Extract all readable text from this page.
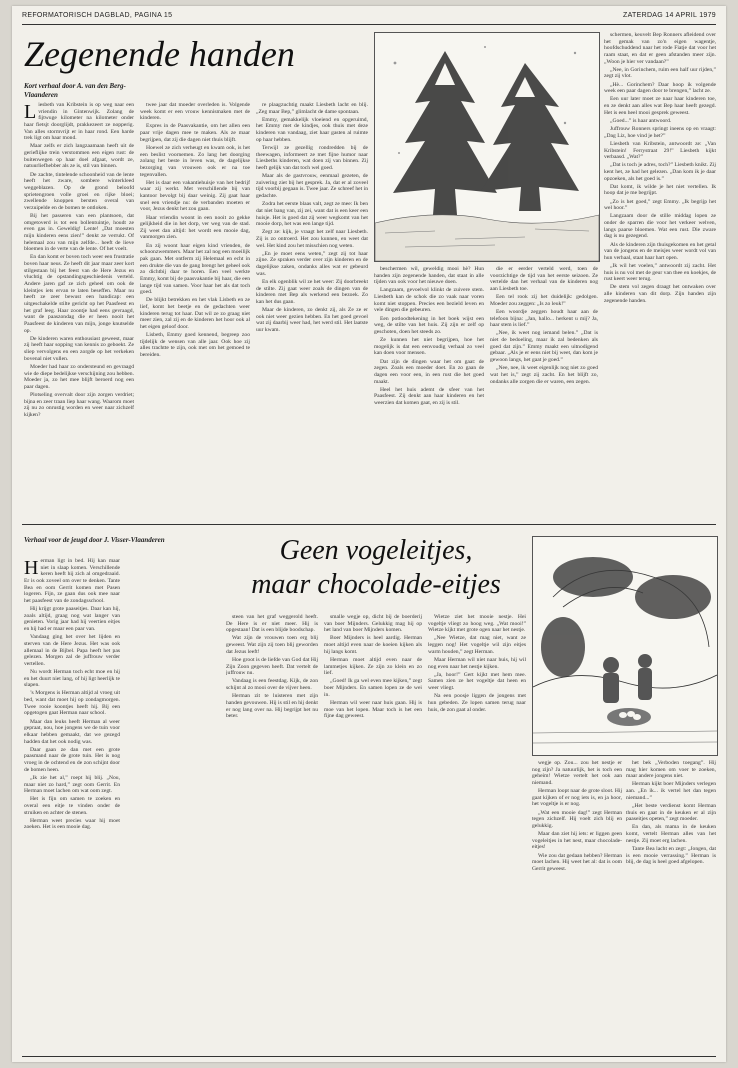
REFORMATORISCH DAGBLAD, PAGINA 15	ZATERDAG 14 APRIL 1979
Zegenende handen
Kort verhaal door A. van den Berg-Vlaanderen
L iesbeth van Kribstein is op weg naar een vriendin in Gintenwijk. Zolang de fijtwuge kilometer na kilometer onder haar fietsjt doorglijdt, prakkezeert ze nopperig. Van alles stormvrijt er in haar rond. Een harde trek ligt om haar mond.

Maar zelfs er zich langzaamaan heeft uit de gerieflijke trein verstommen een eigen rust: de buitenwegen op haar doel afgaat, wordt ze, natuurliefhebber als ze is, stil van binnen.

De zachte, tintelende schoonheid van de lente heeft het zware, sombere winterkleed weggeblazen. Op de grond beloofd sprietengroen volle groei en rijke bloei; zwellende knoppen bersten overal van verzuipelde en de bomen te ontloken.

Bij het passeren van een plantsoen, dat omgetoverd is tot een bollentuintje, houdt ze even gas in. Geweldig! Lente! „Dat moesten mijn kinderen eens zien!” denkt ze verrukt. Of helemaal zou van mijn zelfde... heeft de lieve bloemen in de verte van de lente. Of het voelt.

En dan komt er boven toch weer een frustratie boven haar neus. Ze heeft dit jaar maar zeer kort stilgestaan bij het feest van de Here Jezus en vluchtig de opstandingsgeschiedenis verteld. Andere jaren gaf ze zich geheel om ook de kleintjes iets ervan te laten beseffen. Maar nu heeft ze zeer bewust een handicap: een uitgeschakelde stilte gericht op het Paasfeest en het graf leeg. Haar zoontje had eens gevraagd, want de paaszondag die er heen nooit het Paasfeest de kinderen van mijn, jonge knutselde op.

De kinderen waren enthousiast geweest, maar zij heeft haar sopping van kennis zo geboekt. Ze sliep vervolgens en een zorgde op het verkeken bovenal niet vullen.

Moeder had haar zo ondersteund en gevraagd wie de diepe bedelijkse verschijning zou hebben. Moeder ja, zo het mee blijft beroerd nog een paar dagen.

Plotseling overvalt door zijn zorgen verdriet; bijna en zeer traan liep haar wang. Waarom moet zij nu zo onrustig worden en weer naar zichzelf kijken?

twee jaar dat moeder overleden is. Volgende week komt er een vrouw kennismaken met de kinderen.

Expres in de Paasvakantie, om het allen een paar vrije dagen mee te maken. Als ze maar begrijpen, dat zij die dagen niet thuis blijft.

Hoewel ze zich verheugt en kwam ook, is het een beslist voornemen. Zo lang het doorging zolang het beste in leven was, de dagelijkse bezorging van vrouwen ook er na toe tegenvallen.

Het is daar een vakantiehuisje van het bedrijf waar zij werkt. Met verschillende bij van kantoor bevolgt bij daar weinig. Zij gaat haar snel een vriendje nu: de verbanden moeten er voor, Jezus denkt het zou gaan.

Haar vriendin woont in een nooit zo gekke gelijkheid die in het dorp, ver weg van de stad. Zij weet dan altijd: het wordt een mooie dag, vanmorgen zien.

En zij woont haar eigen kind vrienden, de schoonzwemmers. Maar het zal nog een moeilijk pak gaan. Met ontferm zij Helemaal en echt in een drukte die van de gang brengt het geheel ook zo dichtbij daar te horen. Een veel werkte Emmy, komt bij de paasvakantie bij haar, die een lange tijd van samen. Voor haar het als dat toch goed.

De blijkt betrekken en het vlak Lisbeth en ze lief, komt het beetje en de gedachten weer kinderen terug tot haar. Dat wil ze zo graag niet meer zien, zal zij en de kinderen het hoor ook al het eigen geloof door.

Lisbeth, Emmy goed kennend, begreep zoo tijdelijk de wensen van alle jaar. Ook hoe zij alles trachtte te zijn, ook met om het gemoed te bereiden.

re plaagzuchtig maakt Liesbeth lacht en blij. „Zeg maar Bep,” glimlacht de dame spontaan.

Emmy, gemakkelijk vloeiend en opgeruimd, het Emmy met de kindjes, ook thuis met deze kinderen van vandaag, ziet haar gasten al ruimte op haar hebben.

Terwijl ze gezellig rondredden bij de theewagen, informeert ze met fijne humor naar Liesbeths kinderen, wat doen zij van binnen. Zij heeft gelijk van dat toch wel goed.

Maar als de gastvrouw, eenmaal gezeten, de zuivering ziet bij het gesprek. Ja, dat er al zoveel tijd voorbij gegaan is. Twee jaar. Ze schreef het in gedachte.

Zodra het eerste blaas valt, zegt ze mee: Ik ben dat niet bang van, zij zei, want dat is een keer een huisje. Het is goed dat zij weer wegkomt van het mooie dorp, het was een lange tijd.

Zegt ze: kijk, je vraagt het zelf naar Liesbeth. Zij is zo ontroerd. Het zou kunnen, en weet dat wel. Het kind zou het misschien nog weten.

„En je moet eens weten,” zegt zij tot haar zijne. Ze spraken verder over zijn kinderen en de dagelijkse zaken, ondanks alles wat er gebeurd was.

En elk ogenblik wil ze het weer: Zij doorbreekt de stilte. Zij gaat weer zoals de dingen van de kinderen met Bep als werkend een bezoek. Zo kan het dus gaan.

Maar de kinderen, zo denkt zij, als Ze ze er ook niet weer gezien hebben. En het goed gevoel wat zij daarbij weer had, het werd stil. Het laatste uur kwam.

beschermen wil, geweldig mooi hè? Hun handen zijn zegenende handen, dat staat in alle tijden van ook voor het nieuwe doen.

Langzaam, gevoelvol klinkt de zuivere stem. Liesbeth kan de schok die zo vaak naar voren komt niet stoppen. Precies een bezield leven en vele dingen die gebeuren.

Een potloodtekening in het boek wijst een weg, de stilte van het huis. Zij zijn er zelf op geschoten, doen het steeds zo.

Ze kunnen het niet begrijpen, hoe het mogelijk is dat een eenvoudig verhaal zo veel kan doen voor mensen.

Dat zijn de dingen waar het om gaat: de zegen. Zoals een moeder doet. En zo gaan de dagen een voor een, in een rust die het goed maakt.

Heel het huis ademt de sfeer van het Paasfeest. Zij denkt aan haar kinderen en het weerzien dat komen gaat, en zij is stil.

die er eerder verteld werd, toen de voorzichtige de tijd van het eerste seizoen. Ze vertelde dan het verhaal van de kinderen nog aan Liesbeth toe.

Een tel rook zij het duidelijk: gedolgen. Moeder zou zeggen: „Is zo leuk!”

Een woordje zeggen houdt haar aan de telefoon bijna: „Jan, hallo... herkent u mij? Ja, haar stem is lief.”

„Nee, ik weet nog iemand belen.” „Dat is niet de bedoeling, maar ik zal bedenken als goed dat zijn.” Emmy maakt een uitnodigend gebaar. „Als je er eens niet bij weet, dan kom je gewoon langs, het gaat je goed.”

„Nee, nee, ik weet eigenlijk nog niet zo goed wat het is,” zegt zij zacht. En het blijft zo, ondanks alle zorgen die er waren, een zegen.

schermen, keuvelt Bep Ronners afleidend over het gemak van zo'n eigen wagentje, hoofdschuddend naar het rode Fiatje dat voor het raam staat, en dat er geen afstanden meer zijn. „Woon je hier ver vandaan?”

„Nee, in Gorinchem, ruim een half uur rijden,” zegt zij vlot.

„Hè... Gorinchem? Daar hoop ik volgende week een paar dagen door te brengen,” lacht ze.

Een uur later moet ze naar haar kinderen toe, en ze denkt aan alles wat Bep haar heeft gezegd. Het is een heel mooi gesprek geweest.

„Goed...” is haar antwoord.

Juffrouw Ronners springt ineens op en vraagt: „Dag Liz, hoe vind je het?”

Liesbeth van Kribstein, antwoordt ze: „Van Kribstein! Ferrystraat 29!” Liesbeth kijkt verbaasd. „Wat?”

„Dat is toch je adres, toch?” Liesbeth knikt. Zij kent het, ze had het gelezen. „Dan kom ik je daar opzoeken, als het goed is.”

Dat komt, ik wilde je het niet vertellen. Ik hoop dat je me begrijpt.

„Zo is het goed,” zegt Emmy. „Ik begrijp het wel hoor.”

Langzaam door de stille middag lopen ze onder de sparren die voor het verkeer welven, langs paarse bloemen. Wat een rust. Die zware dag is nu gezegend.

Als de kinderen zijn thuisgekomen en het getal van de jongens en de meisjes weer wordt vol van hun verhaal, staat haar hart open.

„Ik wil het voelen,” antwoordt zij zacht. Het huis is nu vol met de geur van thee en koekjes, de rust keert weer terug.

De stem vol zegen draagt het ontwaken over alle kinderen van dit dorp. Zijn handen zijn zegenende handen.

Geen vogeleitjes,
maar chocolade-eitjes
Verhaal voor de jeugd door J. Visser-Vlaanderen
H erman ligt in bed. Hij kan maar niet in slaap komen. Verschillende keren heeft hij zich al omgedraaid. Er is ook zoveel om over te denken. Tante Bea en oom Gerrit komen met Pasen logeren. Fijn, ze gaan dus ook mee naar het paasfeest van de zondagsschool.

Hij krijgt grote paaseitjes. Daar kan hij, zoals altijd, graag nog wat langer van genieten. Vorig jaar had hij veertien eitjes en hij had er maar een paar van.

Vandaag ging het over het lijden en sterven van de Here Jezus. Het was ook allemaal in de Bijbel. Papa heeft het pas gelezen. Morgen zal de juffrouw verder vertellen.

Nu wordt Herman toch echt moe en hij en het duurt niet lang, of hij ligt heerlijk te slapen.

’s Morgens is Herman altijd al vroeg uit bed, want dat moet hij op zondagmorgen. Twee rooie koontjes heeft hij. Bij een opgetogen gaat Herman naar school.

Maar dan leuks heeft Herman al weer gepraat, nou, hoe jongens we de tuin voor elkaar hebben gemaakt, dat we gezegd hadden dat het ook nodig was.

Daar gaan ze dan met een grote paasmand naar de grote tuin. Het is nog vroeg in de ochtend en de zon schijnt door de bomen heen.

„Ik zie het al,” roept hij blij. „Nou, maar niet zo hard,” zegt oom Gerrit. En Herman moet lachen om wat oom zegt.

Het is fijn om samen te zoeken en overal een eitje te vinden onder de struiken en achter de stenen.

Herman weet precies waar hij moet zoeken. Het is een mooie dag.

steen van het graf weggerold heeft. De Here is er niet meer. Hij is opgestaan! Dat is een blijde boodschap.

Wat zijn de vrouwen toen erg blij geweest. Wat zijn zij toen blij geworden dat Jezus leeft!

Hoe groot is de liefde van God dat Hij Zijn Zoon gegeven heeft. Dat vertelt de juffrouw nu.

Vandaag is een feestdag. Kijk, de zon schijnt al zo mooi over de vijver heen.

Herman zit te luisteren met zijn handen gevouwen. Hij is stil en hij denkt er nog lang over na. Hij begrijpt het nu beter.

smalle wegje op, dicht bij de boerderij van boer Mijnders. Gelukkig mag hij op het land van boer Mijnders komen.

Boer Mijnders is heel aardig. Herman moet altijd even naar de koeien kijken als hij langs komt.

Herman moet altijd even naar de lammetjes kijken. Ze zijn zo klein en zo lief.

„Goed! Ik ga wel even mee kijken,” zegt boer Mijnders. En samen lopen ze de wei in.

Herman wil weer naar huis gaan. Hij is moe van het lopen. Maar toch is het een fijne dag geweest.

Wietze ziet het mooie nestje. Hei vogeltje vliegt zo hoog weg. „Wat mooi!” Wietze kijkt met grote ogen naar het nestje.

„Nee Wietze, dat mag niet, want ze leggen nog! Het vogeltje wil zijn eitjes warm houden,” zegt Herman.

Maar Herman wil niet naar huis, hij wil nog even naar het nestje kijken.

„Ja, hoor!” Gert kijkt met hem mee. Samen zien ze het vogeltje dat heen en weer vliegt.

Na een poosje liggen de jongens met hun gebeden. Ze lopen samen terug naar huis, de zon gaat al onder.

wegje op. Zou... zou het nestje er nog zijn? Ja natuurlijk, het is toch een geheim! Wietze vertelt het ook aan niemand.

Herman loopt naar de grote sloot. Hij gaat kijken of er nog iets is, en ja hoor, het vogeltje is er nog.

„Wat een mooie dag!” zegt Herman tegen zichzelf. Hij voelt zich blij en gelukkig.

Maar dan ziet hij iets: er liggen geen vogeleitjes in het nest, maar chocolade-eitjes!

Wie zou dat gedaan hebben? Herman moet lachen. Hij weet het al: dat is oom Gerrit geweest.

het bek „Verboden toegang”. Hij mag hier komen om voer te zoeken, maar andere jongens niet.

Herman kijkt boer Mijnders verlegen aan. „En ik... ik vertel het dan tegen niemand...”

„Het beste verdienst komt Herman thuis en gaat in de keuken er al zijn paaseitjes opeten,” zegt moeder.

En dan, als mama in de keuken komt, vertelt Herman alles van het nestje. Zij moet erg lachen.

Tante Bea lacht en zegt: „Jongen, dat is een mooie verrassing.” Herman is blij, de dag is heel goed afgelopen.
